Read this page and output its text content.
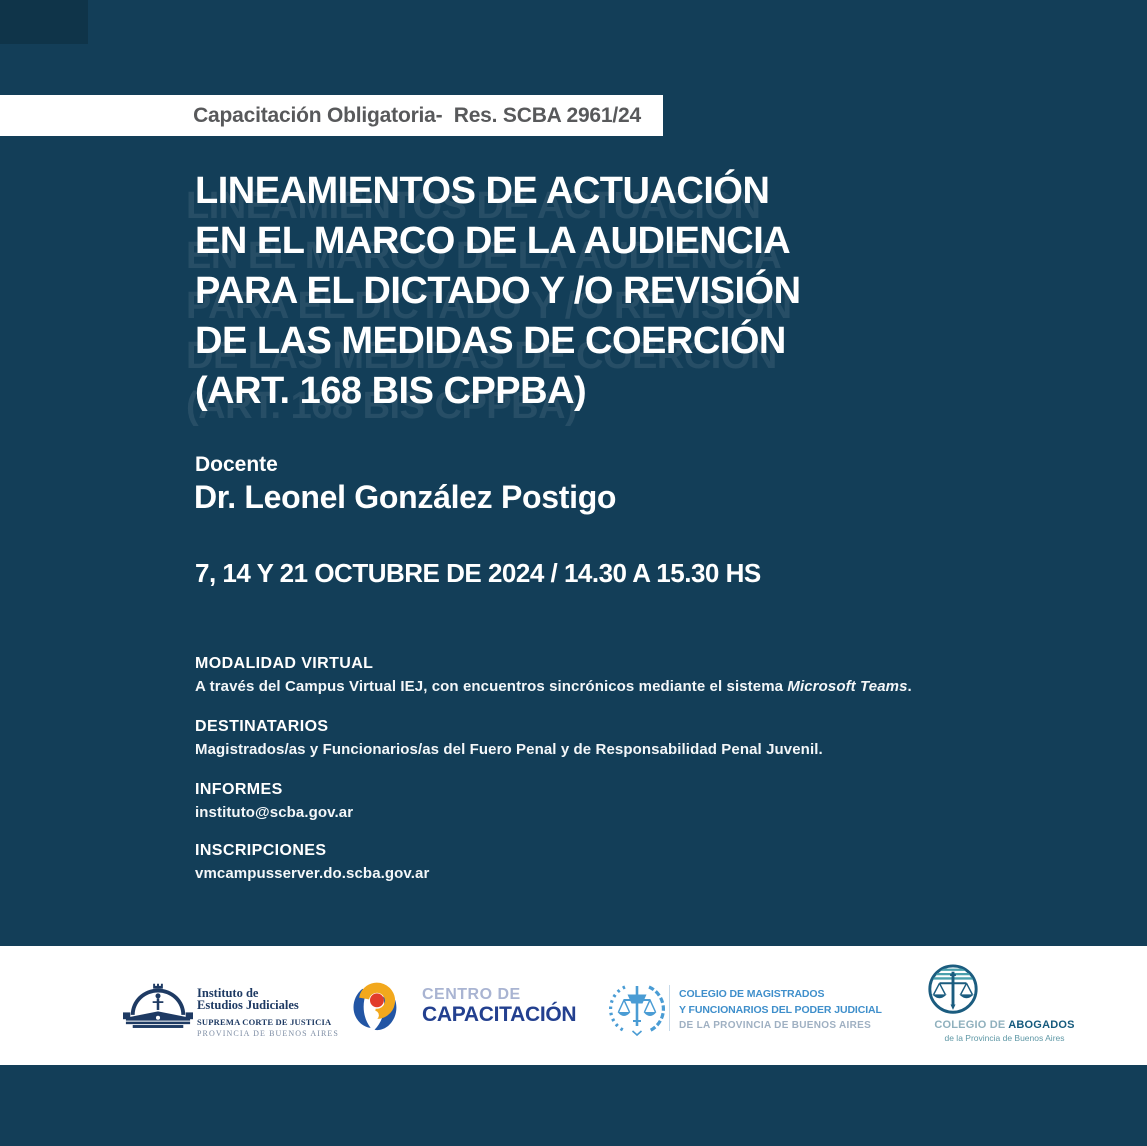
Capacitación Obligatoria-  Res. SCBA 2961/24
LINEAMIENTOS DE ACTUACIÓN
EN EL MARCO DE LA AUDIENCIA
PARA EL DICTADO Y /O REVISIÓN
DE LAS MEDIDAS DE COERCIÓN
(ART. 168 BIS CPPBA)
Docente
Dr. Leonel González Postigo
7, 14 Y 21 OCTUBRE DE 2024 / 14.30 A 15.30 HS
MODALIDAD VIRTUAL
A través del Campus Virtual IEJ, con encuentros sincrónicos mediante el sistema Microsoft Teams.
DESTINATARIOS
Magistrados/as y Funcionarios/as del Fuero Penal y de Responsabilidad Penal Juvenil.
INFORMES
instituto@scba.gov.ar
INSCRIPCIONES
vmcampusserver.do.scba.gov.ar
Instituto de
Estudios Judiciales
SUPREMA CORTE DE JUSTICIA
PROVINCIA DE BUENOS AIRES
CENTRO DE
CAPACITACIÓN
COLEGIO DE MAGISTRADOS
Y FUNCIONARIOS DEL PODER JUDICIAL
DE LA PROVINCIA DE BUENOS AIRES	COLEGIO DE ABOGADOS
de la Provincia de Buenos Aires
